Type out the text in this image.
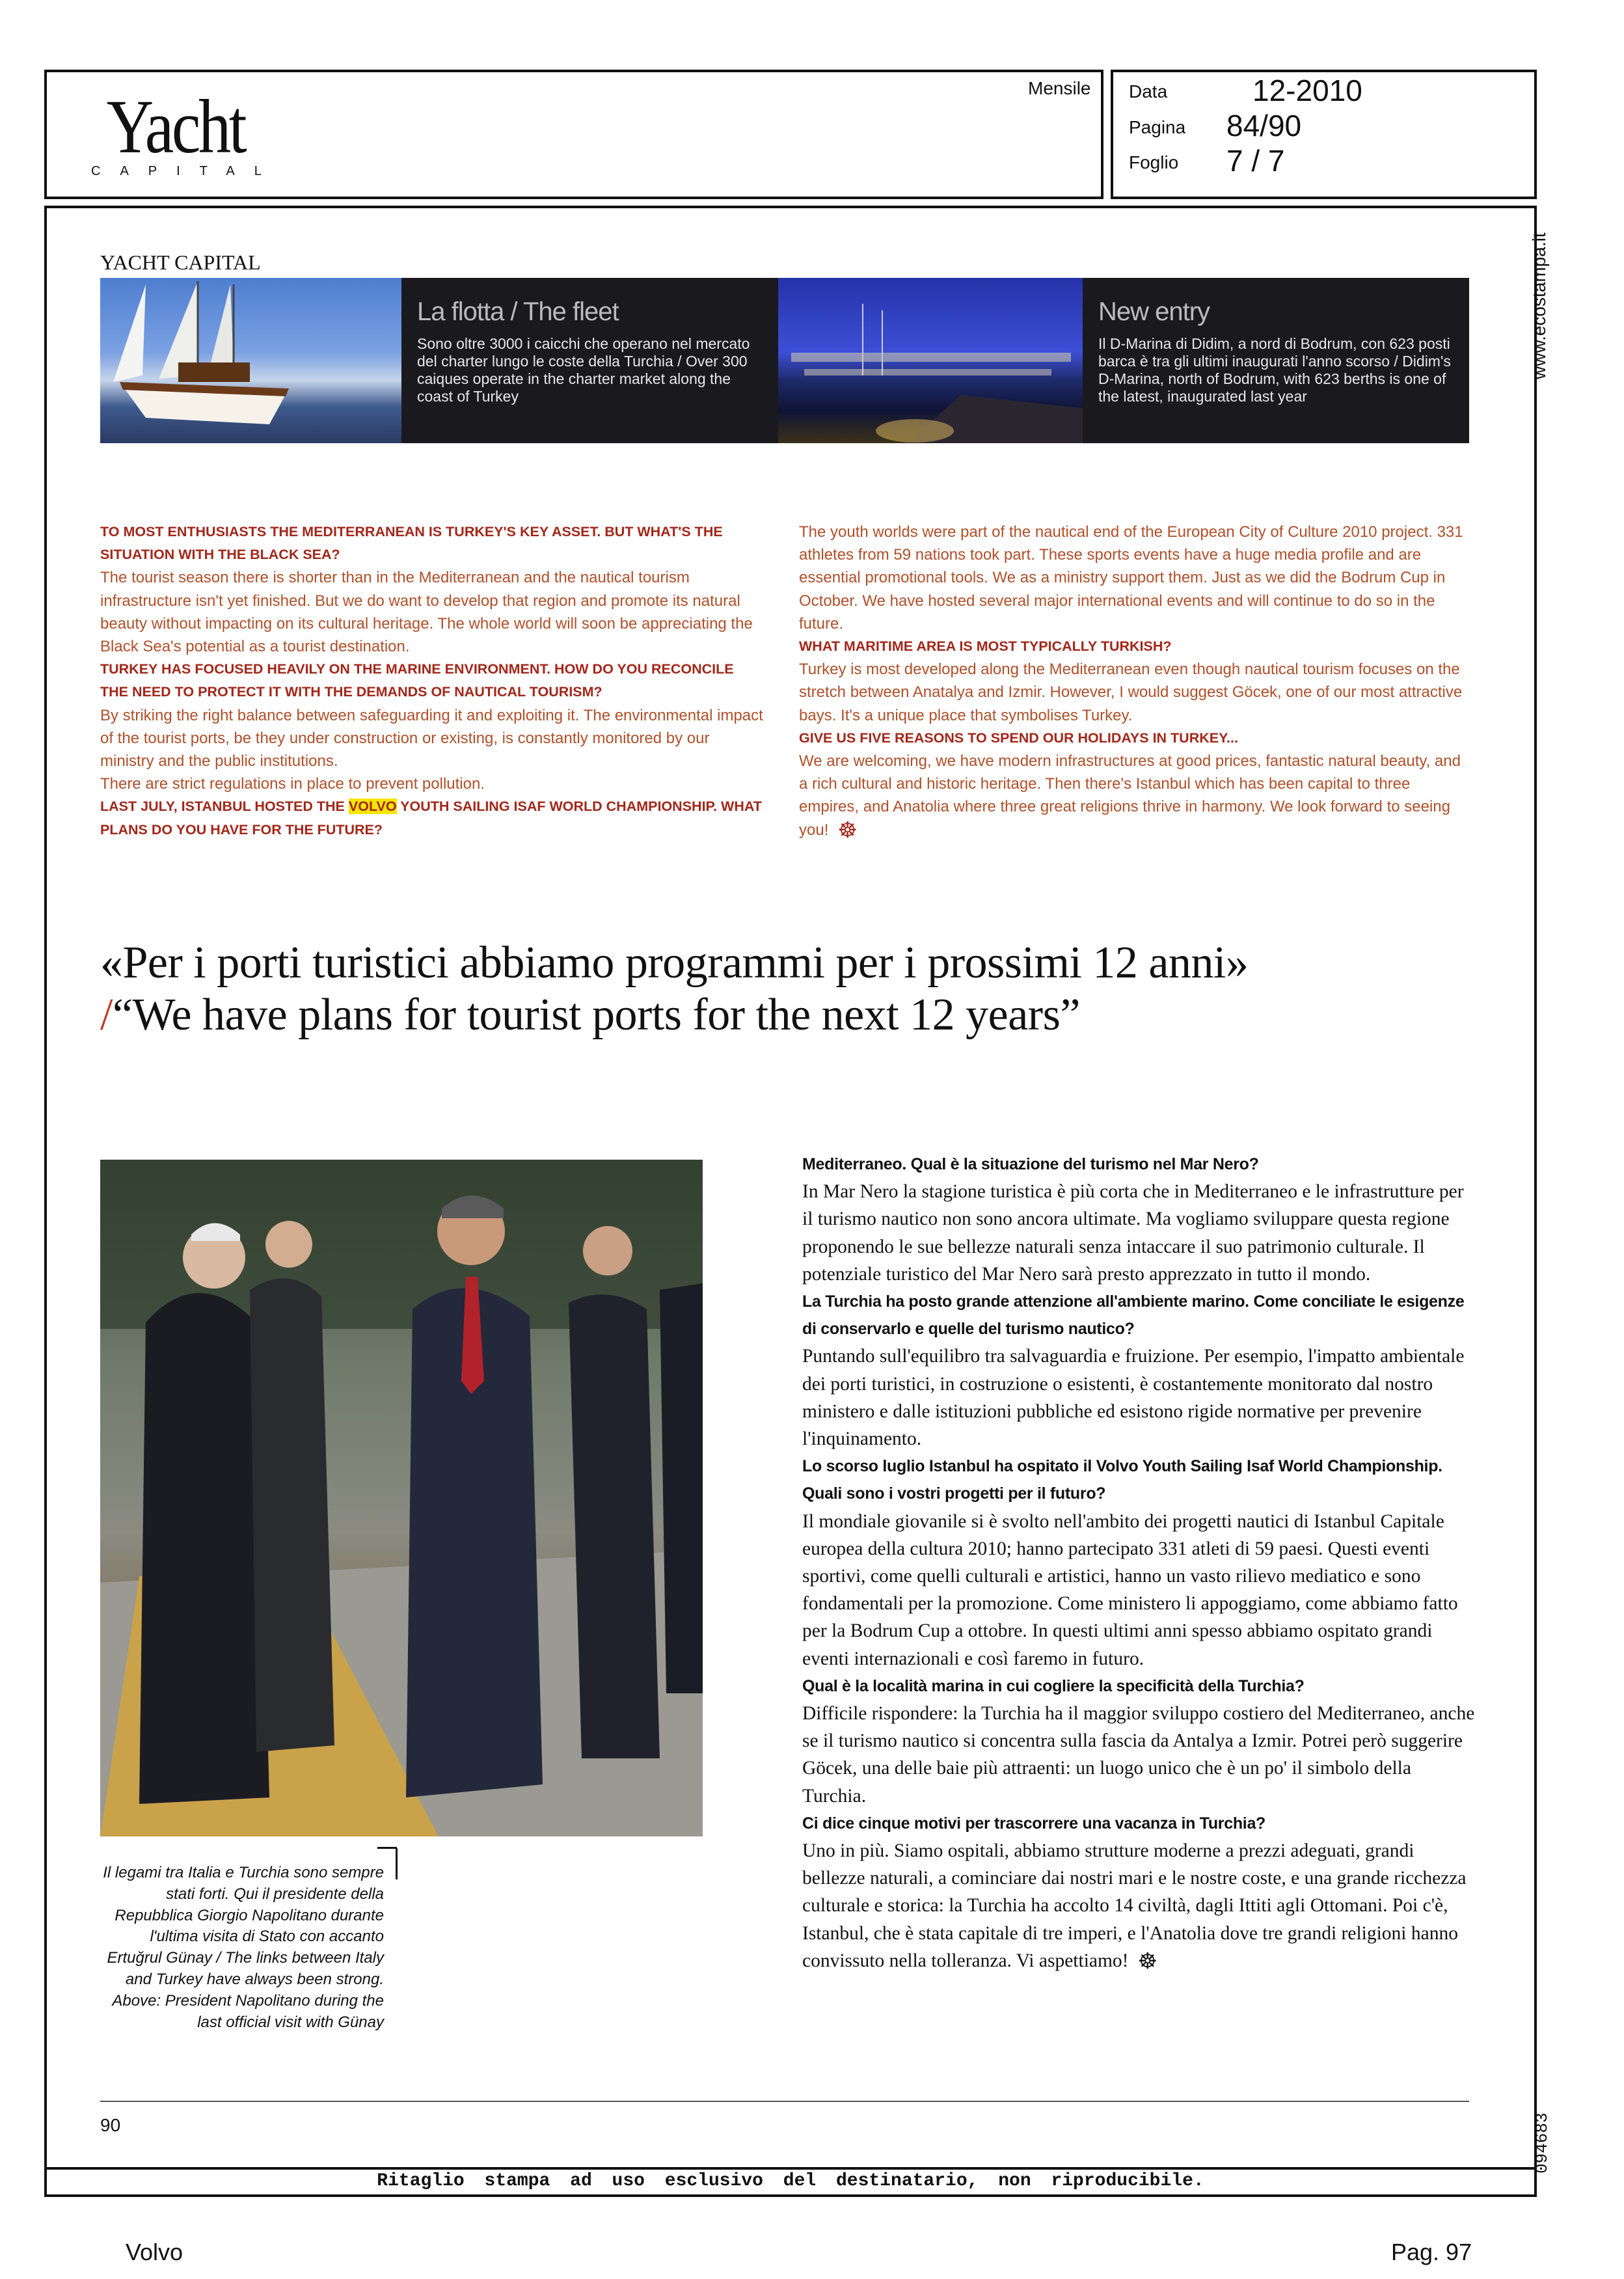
Yacht
CAPITAL
Mensile Data	12-2010
Pagina 84/90
Foglio 7 / 7
Ritaglio stampa ad uso esclusivo del destinatario, non riproducibile.
www.ecostampa.it
094683
YACHT CAPITAL
La flotta / The fleet
Sono oltre 3000 i caicchi che operano nel mercato del charter lungo le coste della Turchia / Over 300 caiques operate in the charter market along the coast of Turkey
New entry
Il D-Marina di Didim, a nord di Bodrum, con 623 posti barca è tra gli ultimi inaugurati l'anno scorso / Didim's D-Marina, north of Bodrum, with 623 berths is one of the latest, inaugurated last year
TO MOST ENTHUSIASTS THE MEDITERRANEAN IS TURKEY'S KEY ASSET. BUT WHAT'S THE SITUATION WITH THE BLACK SEA?
The tourist season there is shorter than in the Mediterranean and the nautical tourism infrastructure isn't yet finished. But we do want to develop that region and promote its natural beauty without impacting on its cultural heritage. The whole world will soon be appreciating the Black Sea's potential as a tourist destination.
TURKEY HAS FOCUSED HEAVILY ON THE MARINE ENVIRONMENT. HOW DO YOU RECONCILE THE NEED TO PROTECT IT WITH THE DEMANDS OF NAUTICAL TOURISM?
By striking the right balance between safeguarding it and exploiting it. The environmental impact of the tourist ports, be they under construction or existing, is constantly monitored by our ministry and the public institutions.
There are strict regulations in place to prevent pollution.
LAST JULY, ISTANBUL HOSTED THE VOLVO YOUTH SAILING ISAF WORLD CHAMPIONSHIP. WHAT PLANS DO YOU HAVE FOR THE FUTURE?
The youth worlds were part of the nautical end of the European City of Culture 2010 project. 331 athletes from 59 nations took part. These sports events have a huge media profile and are essential promotional tools. We as a ministry support them. Just as we did the Bodrum Cup in October. We have hosted several major international events and will continue to do so in the future.
WHAT MARITIME AREA IS MOST TYPICALLY TURKISH?
Turkey is most developed along the Mediterranean even though nautical tourism focuses on the stretch between Anatalya and Izmir. However, I would suggest Göcek, one of our most attractive bays. It's a unique place that symbolises Turkey.
GIVE US FIVE REASONS TO SPEND OUR HOLIDAYS IN TURKEY...
We are welcoming, we have modern infrastructures at good prices, fantastic natural beauty, and a rich cultural and historic heritage. Then there's Istanbul which has been capital to three empires, and Anatolia where three great religions thrive in harmony. We look forward to seeing you! ☸
«Per i porti turistici abbiamo programmi per i prossimi 12 anni»
/“We have plans for tourist ports for the next 12 years”
Mediterraneo. Qual è la situazione del turismo nel Mar Nero?
In Mar Nero la stagione turistica è più corta che in Mediterraneo e le infrastrutture per il turismo nautico non sono ancora ultimate. Ma vogliamo sviluppare questa regione proponendo le sue bellezze naturali senza intaccare il suo patrimonio culturale. Il potenziale turistico del Mar Nero sarà presto apprezzato in tutto il mondo.
La Turchia ha posto grande attenzione all'ambiente marino. Come conciliate le esigenze di conservarlo e quelle del turismo nautico?
Puntando sull'equilibro tra salvaguardia e fruizione. Per esempio, l'impatto ambientale dei porti turistici, in costruzione o esistenti, è costantemente monitorato dal nostro ministero e dalle istituzioni pubbliche ed esistono rigide normative per prevenire l'inquinamento.
Lo scorso luglio Istanbul ha ospitato il Volvo Youth Sailing Isaf World Championship. Quali sono i vostri progetti per il futuro?
Il mondiale giovanile si è svolto nell'ambito dei progetti nautici di Istanbul Capitale europea della cultura 2010; hanno partecipato 331 atleti di 59 paesi. Questi eventi sportivi, come quelli culturali e artistici, hanno un vasto rilievo mediatico e sono fondamentali per la promozione. Come ministero li appoggiamo, come abbiamo fatto per la Bodrum Cup a ottobre. In questi ultimi anni spesso abbiamo ospitato grandi eventi internazionali e così faremo in futuro.
Qual è la località marina in cui cogliere la specificità della Turchia?
Difficile rispondere: la Turchia ha il maggior sviluppo costiero del Mediterraneo, anche se il turismo nautico si concentra sulla fascia da Antalya a Izmir. Potrei però suggerire Göcek, una delle baie più attraenti: un luogo unico che è un po' il simbolo della Turchia.
Ci dice cinque motivi per trascorrere una vacanza in Turchia?
Uno in più. Siamo ospitali, abbiamo strutture moderne a prezzi adeguati, grandi bellezze naturali, a cominciare dai nostri mari e le nostre coste, e una grande ricchezza culturale e storica: la Turchia ha accolto 14 civiltà, dagli Ittiti agli Ottomani. Poi c'è, Istanbul, che è stata capitale di tre imperi, e l'Anatolia dove tre grandi religioni hanno convissuto nella tolleranza. Vi aspettiamo! ☸
Il legami tra Italia e Turchia sono sempre stati forti. Qui il presidente della Repubblica Giorgio Napolitano durante l'ultima visita di Stato con accanto Ertuğrul Günay / The links between Italy and Turkey have always been strong. Above: President Napolitano during the last official visit with Günay
90
Volvo	Pag. 97
